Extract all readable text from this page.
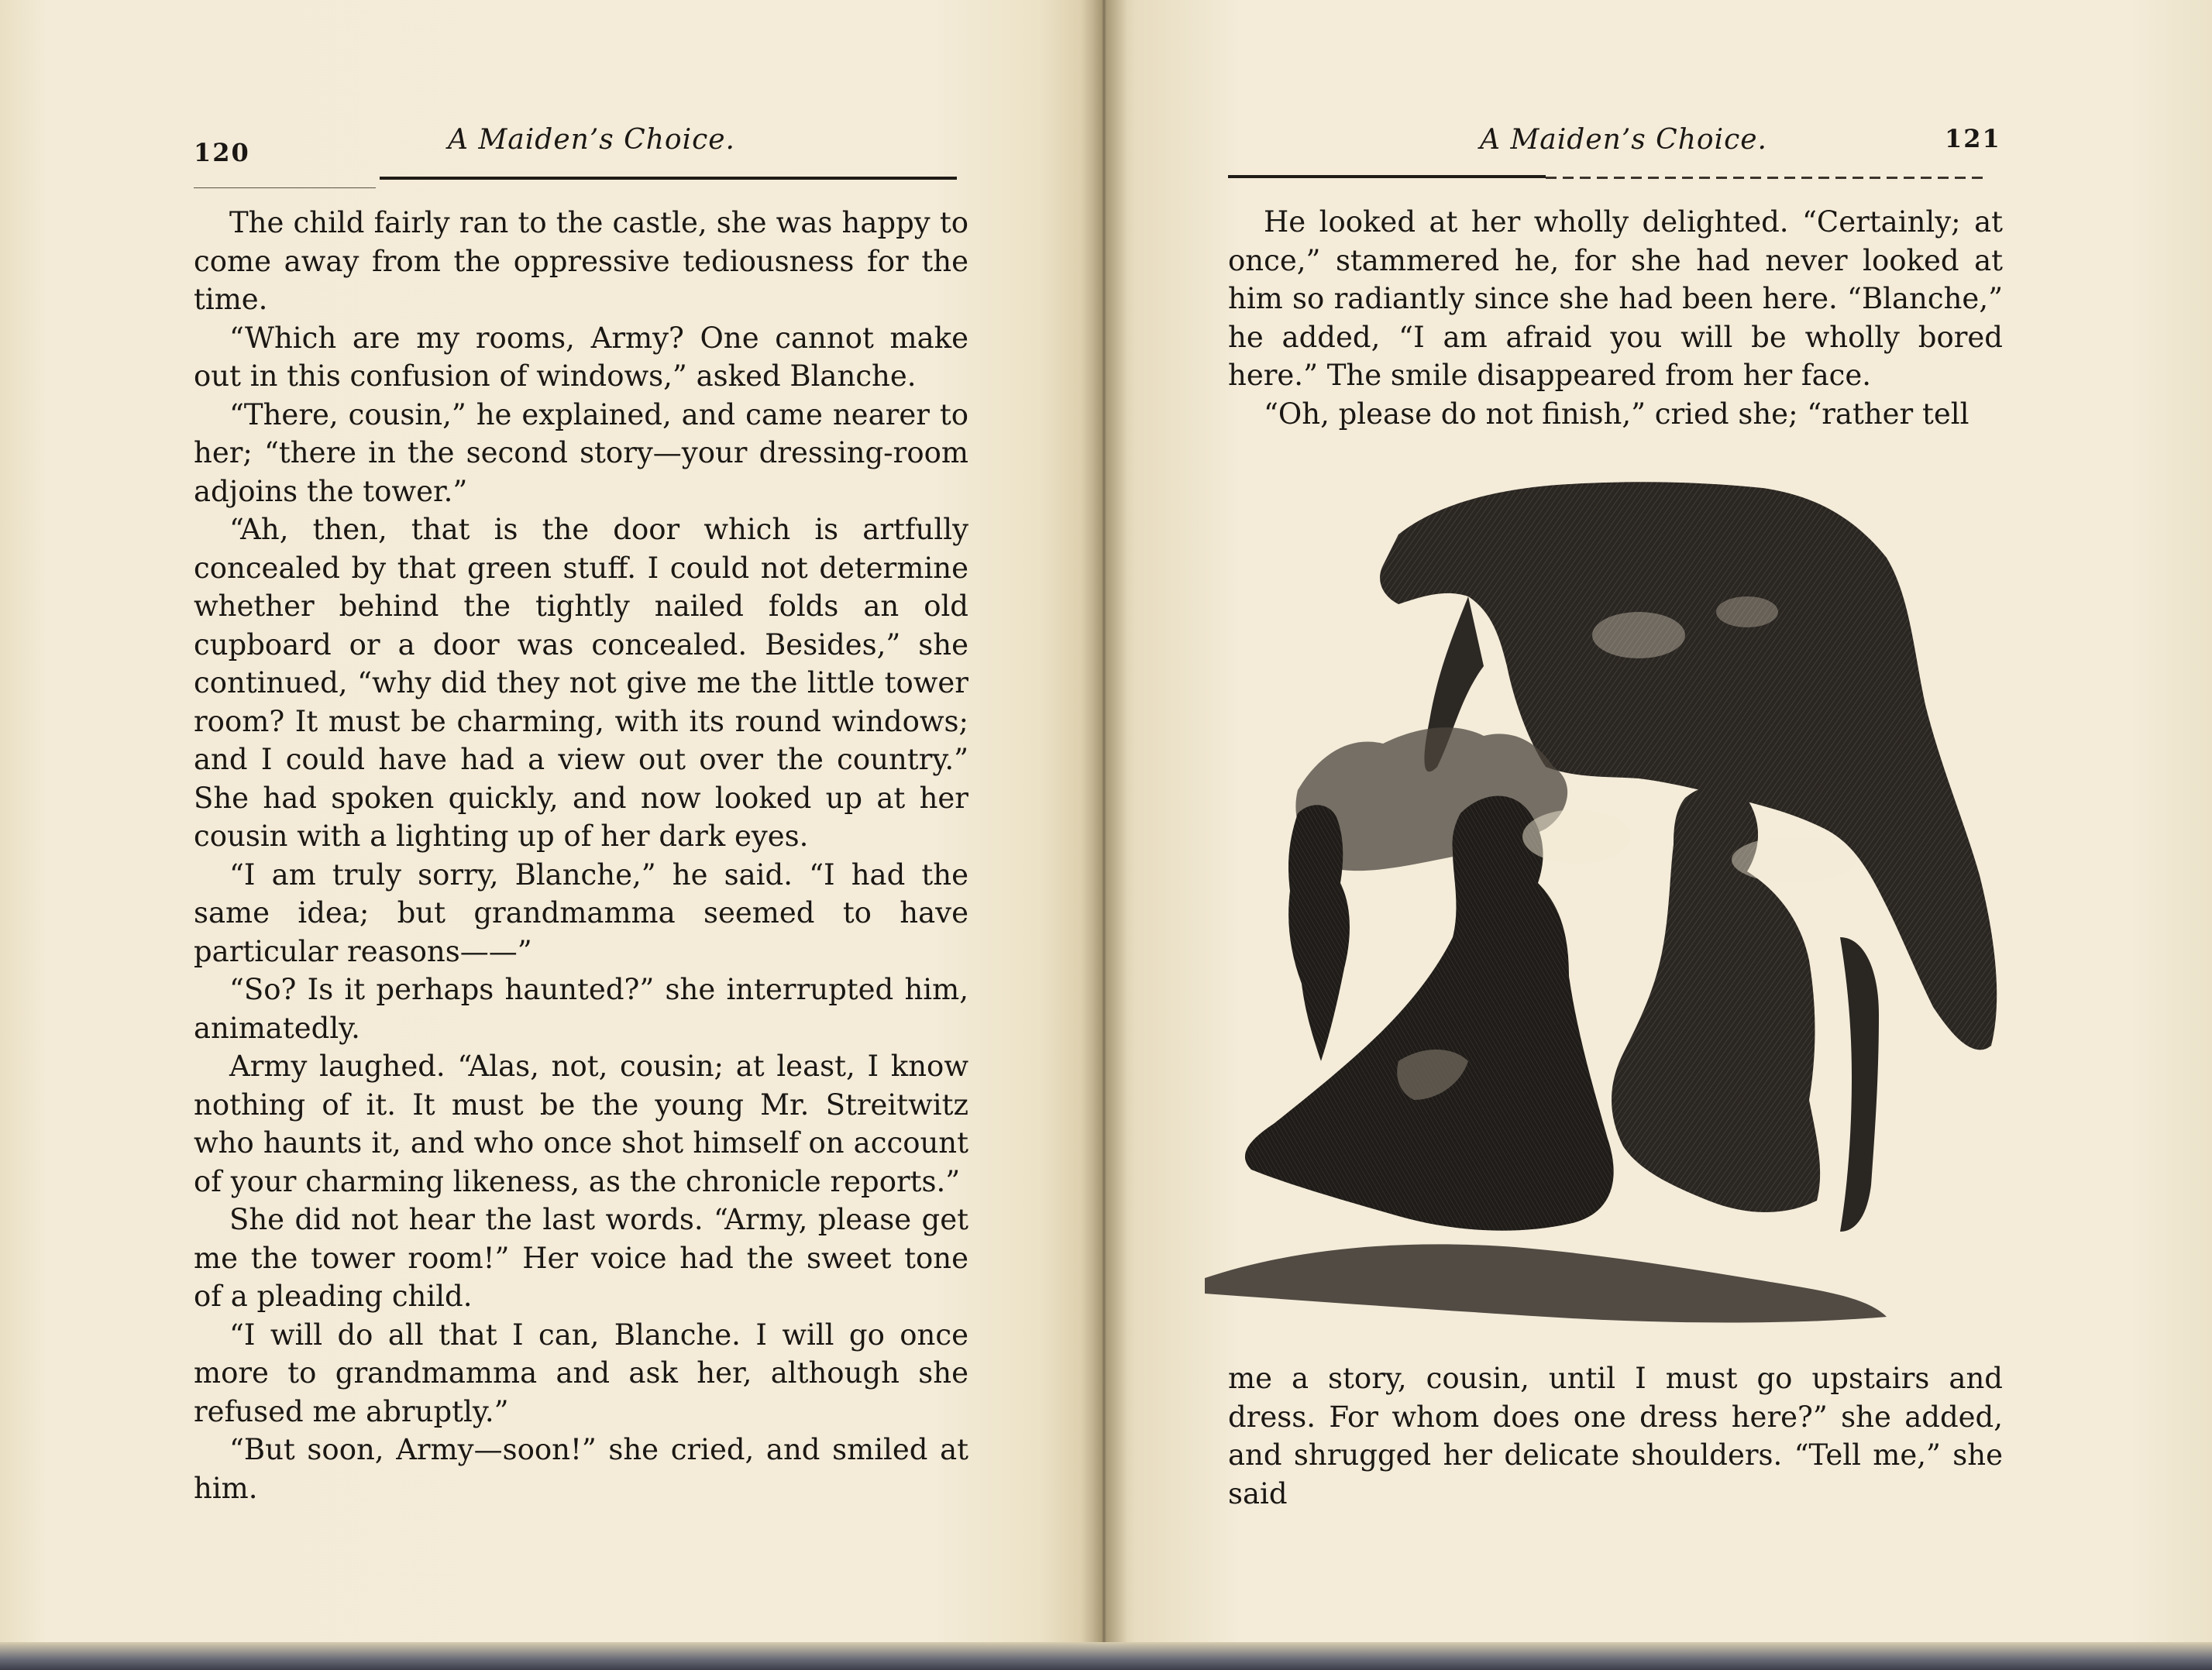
120	A Maiden’s Choice.

The child fairly ran to the castle, she was happy to come away from the oppressive tediousness for the time.

“Which are my rooms, Army? One cannot make out in this confusion of windows,” asked Blanche.

“There, cousin,” he explained, and came nearer to her; “there in the second story—your dressing-room adjoins the tower.”

“Ah, then, that is the door which is artfully concealed by that green stuff. I could not determine whether behind the tightly nailed folds an old cupboard or a door was concealed. Besides,” she continued, “why did they not give me the little tower room? It must be charming, with its round windows; and I could have had a view out over the country.” She had spoken quickly, and now looked up at her cousin with a lighting up of her dark eyes.

“I am truly sorry, Blanche,” he said. “I had the same idea; but grandmamma seemed to have particular reasons——”

“So? Is it perhaps haunted?” she interrupted him, animatedly.

Army laughed. “Alas, not, cousin; at least, I know nothing of it. It must be the young Mr. Streitwitz who haunts it, and who once shot himself on account of your charming likeness, as the chronicle reports.”

She did not hear the last words. “Army, please get me the tower room!” Her voice had the sweet tone of a pleading child.

“I will do all that I can, Blanche. I will go once more to grandmamma and ask her, although she refused me abruptly.”

“But soon, Army—soon!” she cried, and smiled at him.

A Maiden’s Choice.	121

He looked at her wholly delighted. “Certainly; at once,” stammered he, for she had never looked at him so radiantly since she had been here. “Blanche,” he added, “I am afraid you will be wholly bored here.” The smile disappeared from her face.

“Oh, please do not finish,” cried she; “rather tell

me a story, cousin, until I must go upstairs and dress. For whom does one dress here?” she added, and shrugged her delicate shoulders. “Tell me,” she said
